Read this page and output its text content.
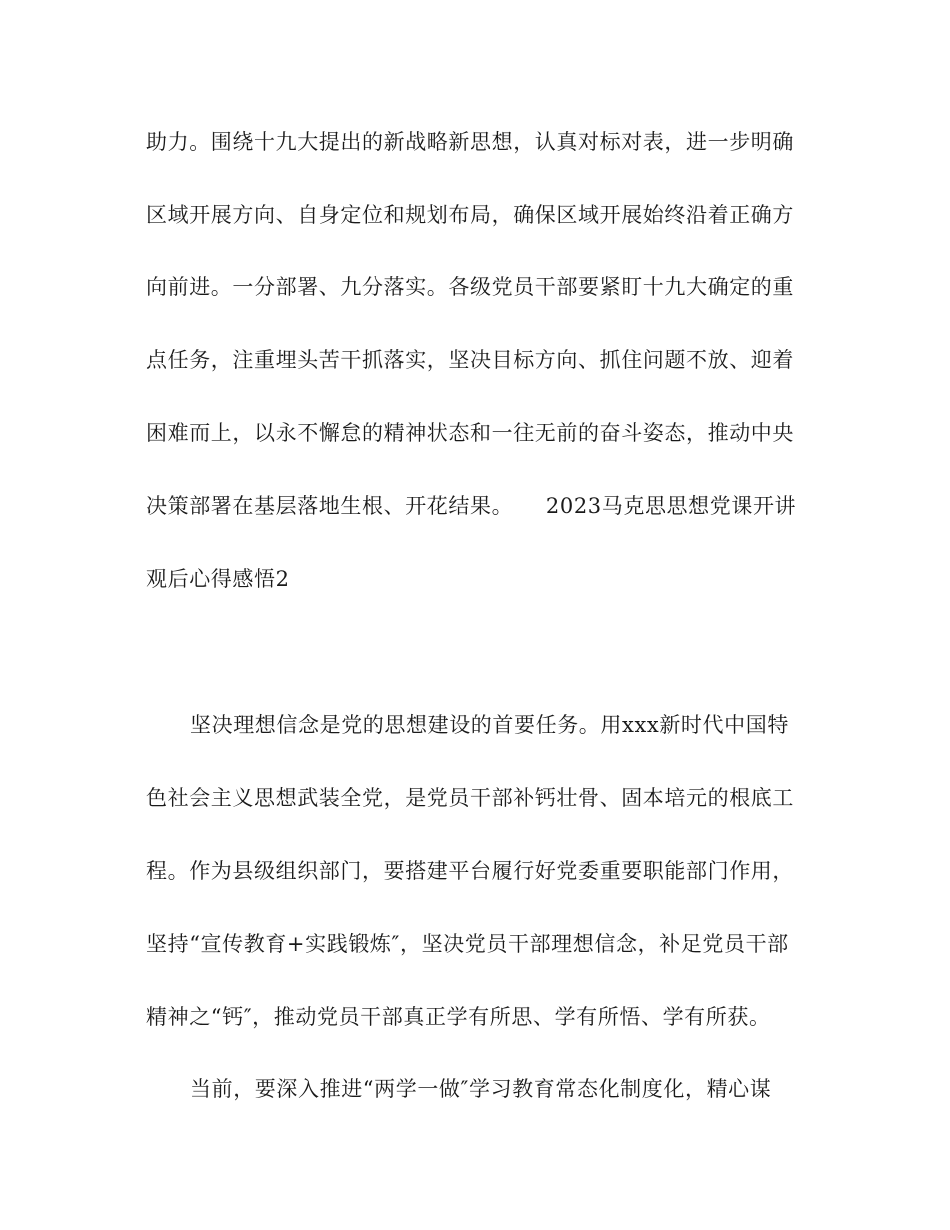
助力。围绕十九大提出的新战略新思想，认真对标对表，进一步明确
区域开展方向、自身定位和规划布局，确保区域开展始终沿着正确方
向前进。一分部署、九分落实。各级党员干部要紧盯十九大确定的重
点任务，注重埋头苦干抓落实，坚决目标方向、抓住问题不放、迎着
困难而上，以永不懈怠的精神状态和一往无前的奋斗姿态，推动中央
决策部署在基层落地生根、开花结果。　　2023马克思思想党课开讲
观后心得感悟2
坚决理想信念是党的思想建设的首要任务。用xxx新时代中国特
色社会主义思想武装全党，是党员干部补钙壮骨、固本培元的根底工
程。作为县级组织部门，要搭建平台履行好党委重要职能部门作用，
坚持“宣传教育+实践锻炼″，坚决党员干部理想信念，补足党员干部
精神之“钙″，推动党员干部真正学有所思、学有所悟、学有所获。
当前，要深入推进“两学一做″学习教育常态化制度化，精心谋
